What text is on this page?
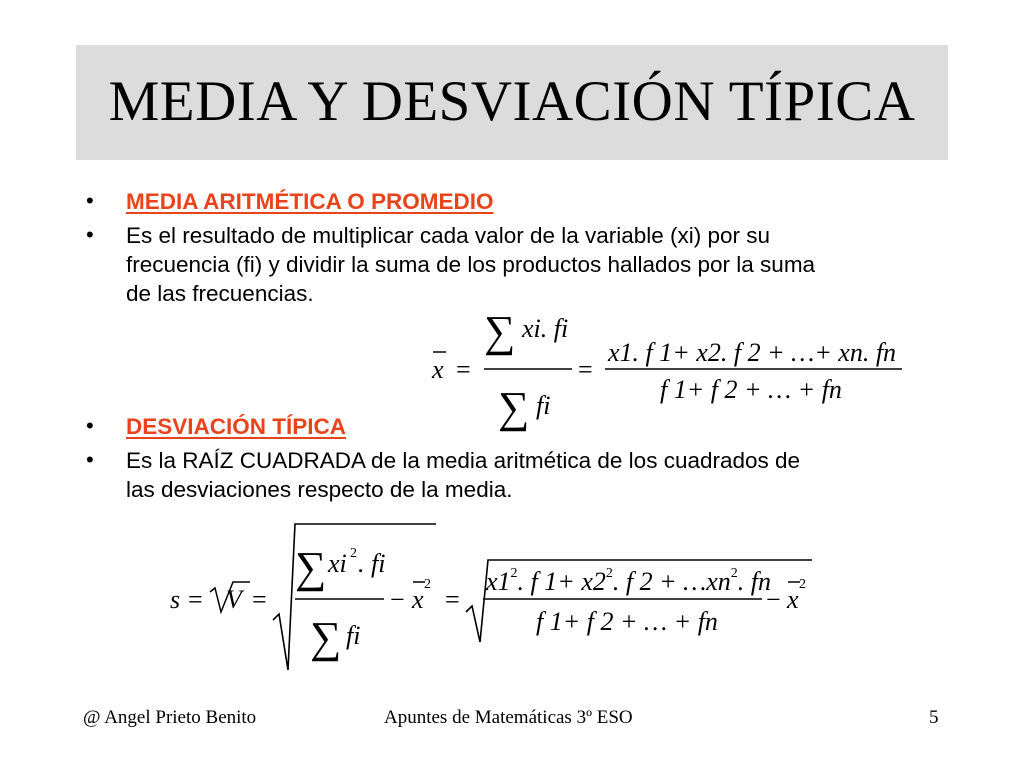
MEDIA Y DESVIACIÓN TÍPICA
• MEDIA ARITMÉTICA O PROMEDIO
• Es el resultado de multiplicar cada valor de la variable (xi) por su
frecuencia (fi) y dividir la suma de los productos hallados por la suma
de las frecuencias.
• DESVIACIÓN TÍPICA
• Es la RAÍZ CUADRADA de la media aritmética de los cuadrados de
las desviaciones respecto de la media.
x =
∑ xi. fi
∑ fi
=
x1. f 1+ x2. f 2 + …+ xn. fn
f 1+ f 2 + … + fn
s = V =
∑ xi 2 . fi
∑ fi
− x
2
=
$x1^2$. f $1+ x2^2$. f $2 + \dots xn^2$. fn
f 1+ f 2 + … + fn
− x
2
@ Angel Prieto Benito	Apuntes de Matemáticas 3º ESO	5
